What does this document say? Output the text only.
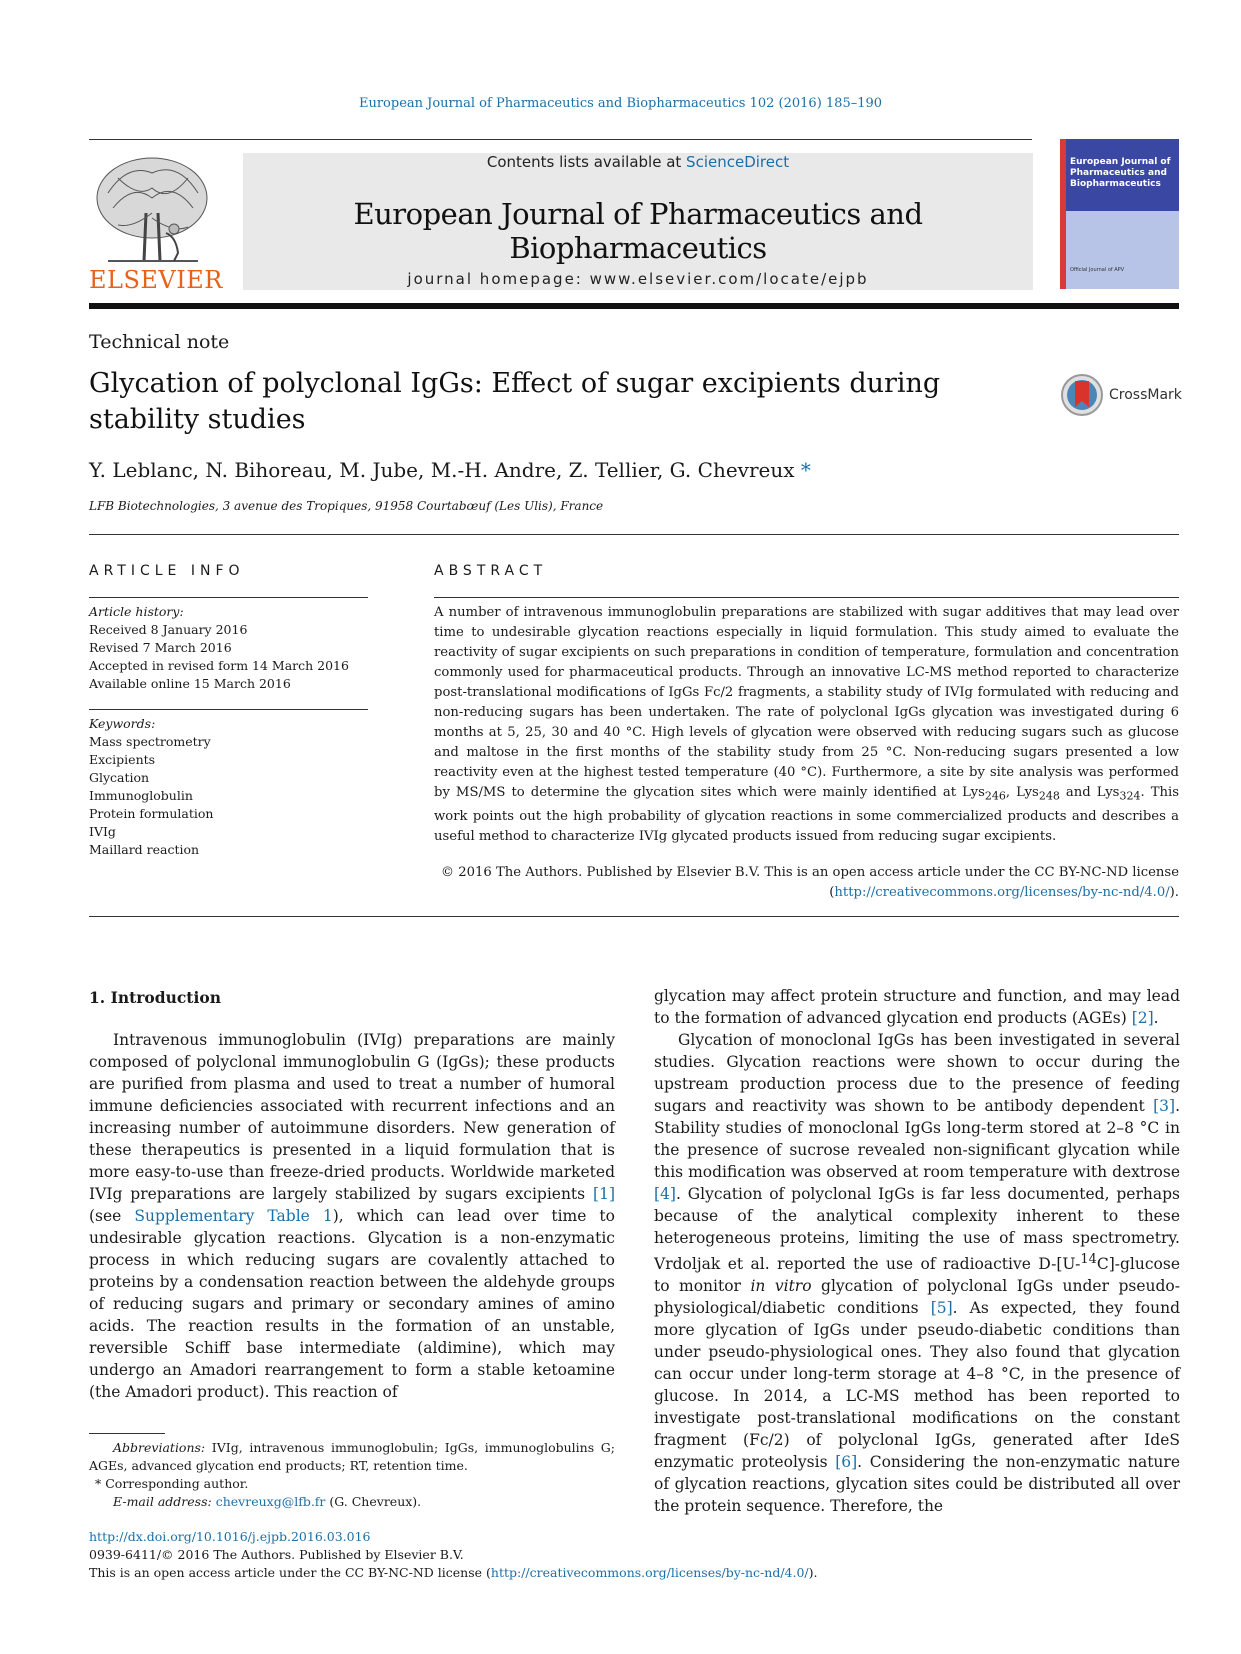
European Journal of Pharmaceutics and Biopharmaceutics 102 (2016) 185–190
ELSEVIER
Contents lists available at ScienceDirect
European Journal of Pharmaceutics and Biopharmaceutics
journal homepage: www.elsevier.com/locate/ejpb
European Journal of Pharmaceutics and Biopharmaceutics
Official Journal of APV
Technical note
Glycation of polyclonal IgGs: Effect of sugar excipients during stability studies
CrossMark
Y. Leblanc, N. Bihoreau, M. Jube, M.-H. Andre, Z. Tellier, G. Chevreux *
LFB Biotechnologies, 3 avenue des Tropiques, 91958 Courtabœuf (Les Ulis), France
ARTICLE INFO	ABSTRACT
Article history:
Received 8 January 2016
Revised 7 March 2016
Accepted in revised form 14 March 2016
Available online 15 March 2016
Keywords:
Mass spectrometry
Excipients
Glycation
Immunoglobulin
Protein formulation
IVIg
Maillard reaction
A number of intravenous immunoglobulin preparations are stabilized with sugar additives that may lead over time to undesirable glycation reactions especially in liquid formulation. This study aimed to evaluate the reactivity of sugar excipients on such preparations in condition of temperature, formulation and concentration commonly used for pharmaceutical products. Through an innovative LC-MS method reported to characterize post-translational modifications of IgGs Fc/2 fragments, a stability study of IVIg formulated with reducing and non-reducing sugars has been undertaken. The rate of polyclonal IgGs glycation was investigated during 6 months at 5, 25, 30 and 40 °C. High levels of glycation were observed with reducing sugars such as glucose and maltose in the first months of the stability study from 25 °C. Non-reducing sugars presented a low reactivity even at the highest tested temperature (40 °C). Furthermore, a site by site analysis was performed by MS/MS to determine the glycation sites which were mainly identified at Lys$_{246}$, Lys$_{248}$ and Lys$_{324}$. This work points out the high probability of glycation reactions in some commercialized products and describes a useful method to characterize IVIg glycated products issued from reducing sugar excipients.
© 2016 The Authors. Published by Elsevier B.V. This is an open access article under the CC BY-NC-ND license (http://creativecommons.org/licenses/by-nc-nd/4.0/).
1. Introduction

Intravenous immunoglobulin (IVIg) preparations are mainly composed of polyclonal immunoglobulin G (IgGs); these products are purified from plasma and used to treat a number of humoral immune deficiencies associated with recurrent infections and an increasing number of autoimmune disorders. New generation of these therapeutics is presented in a liquid formulation that is more easy-to-use than freeze-dried products. Worldwide marketed IVIg preparations are largely stabilized by sugars excipients [1] (see Supplementary Table 1), which can lead over time to undesirable glycation reactions. Glycation is a non-enzymatic process in which reducing sugars are covalently attached to proteins by a condensation reaction between the aldehyde groups of reducing sugars and primary or secondary amines of amino acids. The reaction results in the formation of an unstable, reversible Schiff base intermediate (aldimine), which may undergo an Amadori rearrangement to form a stable ketoamine (the Amadori product). This reaction of

glycation may affect protein structure and function, and may lead to the formation of advanced glycation end products (AGEs) [2].

Glycation of monoclonal IgGs has been investigated in several studies. Glycation reactions were shown to occur during the upstream production process due to the presence of feeding sugars and reactivity was shown to be antibody dependent [3]. Stability studies of monoclonal IgGs long-term stored at 2–8 °C in the presence of sucrose revealed non-significant glycation while this modification was observed at room temperature with dextrose [4]. Glycation of polyclonal IgGs is far less documented, perhaps because of the analytical complexity inherent to these heterogeneous proteins, limiting the use of mass spectrometry. Vrdoljak et al. reported the use of radioactive D-[U-$^{14}$C]-glucose to monitor in vitro glycation of polyclonal IgGs under pseudo-physiological/diabetic conditions [5]. As expected, they found more glycation of IgGs under pseudo-diabetic conditions than under pseudo-physiological ones. They also found that glycation can occur under long-term storage at 4–8 °C, in the presence of glucose. In 2014, a LC-MS method has been reported to investigate post-translational modifications on the constant fragment (Fc/2) of polyclonal IgGs, generated after IdeS enzymatic proteolysis [6]. Considering the non-enzymatic nature of glycation reactions, glycation sites could be distributed all over the protein sequence. Therefore, the

Abbreviations: IVIg, intravenous immunoglobulin; IgGs, immunoglobulins G; AGEs, advanced glycation end products; RT, retention time.

* Corresponding author.

E-mail address: chevreuxg@lfb.fr (G. Chevreux).

http://dx.doi.org/10.1016/j.ejpb.2016.03.016
0939-6411/© 2016 The Authors. Published by Elsevier B.V.
This is an open access article under the CC BY-NC-ND license (http://creativecommons.org/licenses/by-nc-nd/4.0/).
